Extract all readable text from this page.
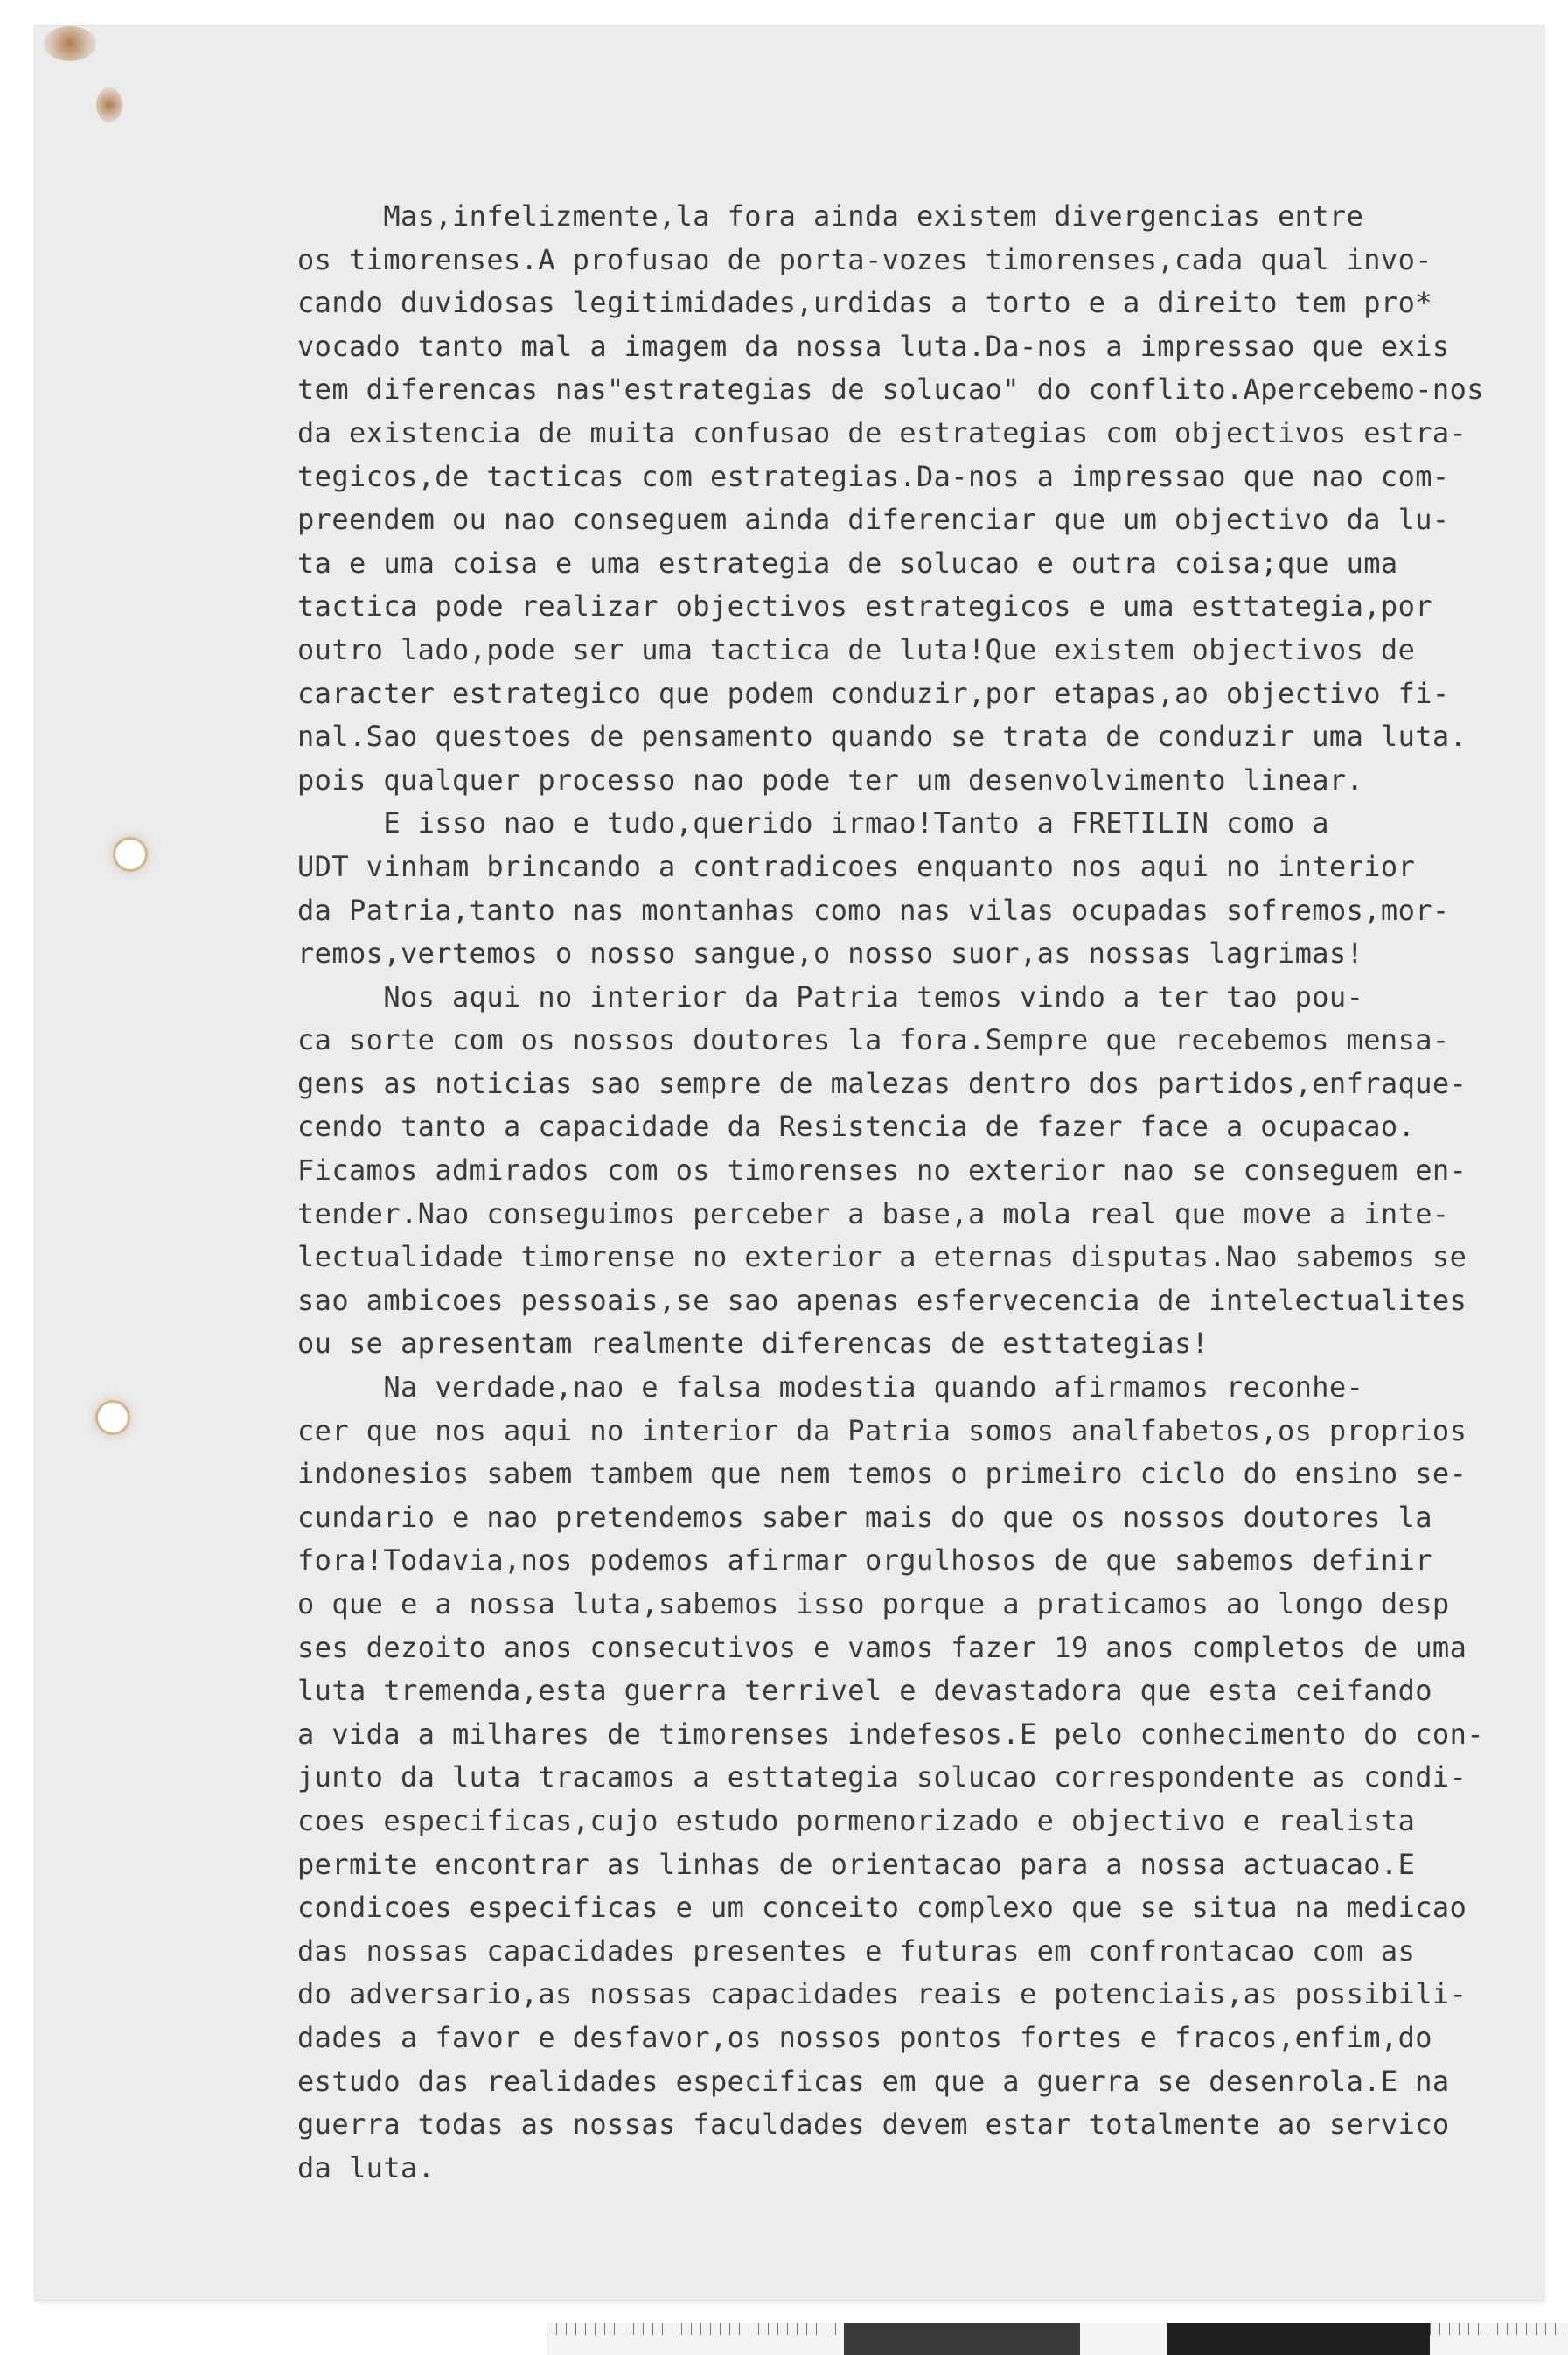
Mas,infelizmente,la fora ainda existem divergencias entre
os timorenses.A profusao de porta-vozes timorenses,cada qual invo-
cando duvidosas legitimidades,urdidas a torto e a direito tem pro*
vocado tanto mal a imagem da nossa luta.Da-nos a impressao que exis
tem diferencas nas"estrategias de solucao" do conflito.Apercebemo-nos
da existencia de muita confusao de estrategias com objectivos estra-
tegicos,de tacticas com estrategias.Da-nos a impressao que nao com-
preendem ou nao conseguem ainda diferenciar que um objectivo da lu-
ta e uma coisa e uma estrategia de solucao e outra coisa;que uma
tactica pode realizar objectivos estrategicos e uma esttategia,por
outro lado,pode ser uma tactica de luta!Que existem objectivos de
caracter estrategico que podem conduzir,por etapas,ao objectivo fi-
nal.Sao questoes de pensamento quando se trata de conduzir uma luta.
pois qualquer processo nao pode ter um desenvolvimento linear.
E isso nao e tudo,querido irmao!Tanto a FRETILIN como a
UDT vinham brincando a contradicoes enquanto nos aqui no interior
da Patria,tanto nas montanhas como nas vilas ocupadas sofremos,mor-
remos,vertemos o nosso sangue,o nosso suor,as nossas lagrimas!
Nos aqui no interior da Patria temos vindo a ter tao pou-
ca sorte com os nossos doutores la fora.Sempre que recebemos mensa-
gens as noticias sao sempre de malezas dentro dos partidos,enfraque-
cendo tanto a capacidade da Resistencia de fazer face a ocupacao.
Ficamos admirados com os timorenses no exterior nao se conseguem en-
tender.Nao conseguimos perceber a base,a mola real que move a inte-
lectualidade timorense no exterior a eternas disputas.Nao sabemos se
sao ambicoes pessoais,se sao apenas esfervecencia de intelectualites
ou se apresentam realmente diferencas de esttategias!
Na verdade,nao e falsa modestia quando afirmamos reconhe-
cer que nos aqui no interior da Patria somos analfabetos,os proprios
indonesios sabem tambem que nem temos o primeiro ciclo do ensino se-
cundario e nao pretendemos saber mais do que os nossos doutores la
fora!Todavia,nos podemos afirmar orgulhosos de que sabemos definir
o que e a nossa luta,sabemos isso porque a praticamos ao longo desp
ses dezoito anos consecutivos e vamos fazer 19 anos completos de uma
luta tremenda,esta guerra terrivel e devastadora que esta ceifando
a vida a milhares de timorenses indefesos.E pelo conhecimento do con-
junto da luta tracamos a esttategia solucao correspondente as condi-
coes especificas,cujo estudo pormenorizado e objectivo e realista
permite encontrar as linhas de orientacao para a nossa actuacao.E
condicoes especificas e um conceito complexo que se situa na medicao
das nossas capacidades presentes e futuras em confrontacao com as
do adversario,as nossas capacidades reais e potenciais,as possibili-
dades a favor e desfavor,os nossos pontos fortes e fracos,enfim,do
estudo das realidades especificas em que a guerra se desenrola.E na
guerra todas as nossas faculdades devem estar totalmente ao servico
da luta.
